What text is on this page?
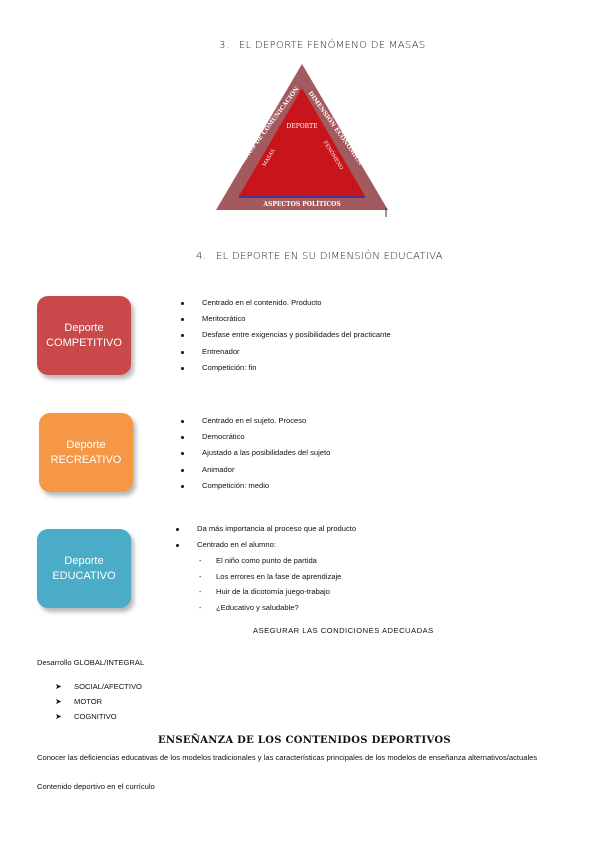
3. EL DEPORTE FENÓMENO DE MASAS
DEPORTE
MEDIOS DE COMUNICACIÓN DIMENSIÓN ECONÓMICA
MASAS
FENÓMENO
ASPECTOS POLÍTICOS
4. EL DEPORTE EN SU DIMENSIÓN EDUCATIVA
Deporte
COMPETITIVO
Centrado en el contenido. Producto
Meritocrático
Desfase entre exigencias y posibilidades del practicante
Entrenador
Competición: fin
Deporte
RECREATIVO
Centrado en el sujeto. Proceso
Democrático
Ajustado a las posibilidades del sujeto
Animador
Competición: medio
Deporte
EDUCATIVO
Da más importancia al proceso que al producto
Centrado en el alumno:
- El niño como punto de partida
- Los errores en la fase de aprendizaje
- Huir de la dicotomía juego-trabajo
- ¿Educativo y saludable?
ASEGURAR LAS CONDICIONES ADECUADAS
Desarrollo GLOBAL/INTEGRAL
➤ SOCIAL/AFECTIVO
➤ MOTOR
➤ COGNITIVO
ENSEÑANZA DE LOS CONTENIDOS DEPORTIVOS
Conocer las deficiencias educativas de los modelos tradicionales y las características principales de los modelos de enseñanza alternativos/actuales
Contenido deportivo en el currículo
